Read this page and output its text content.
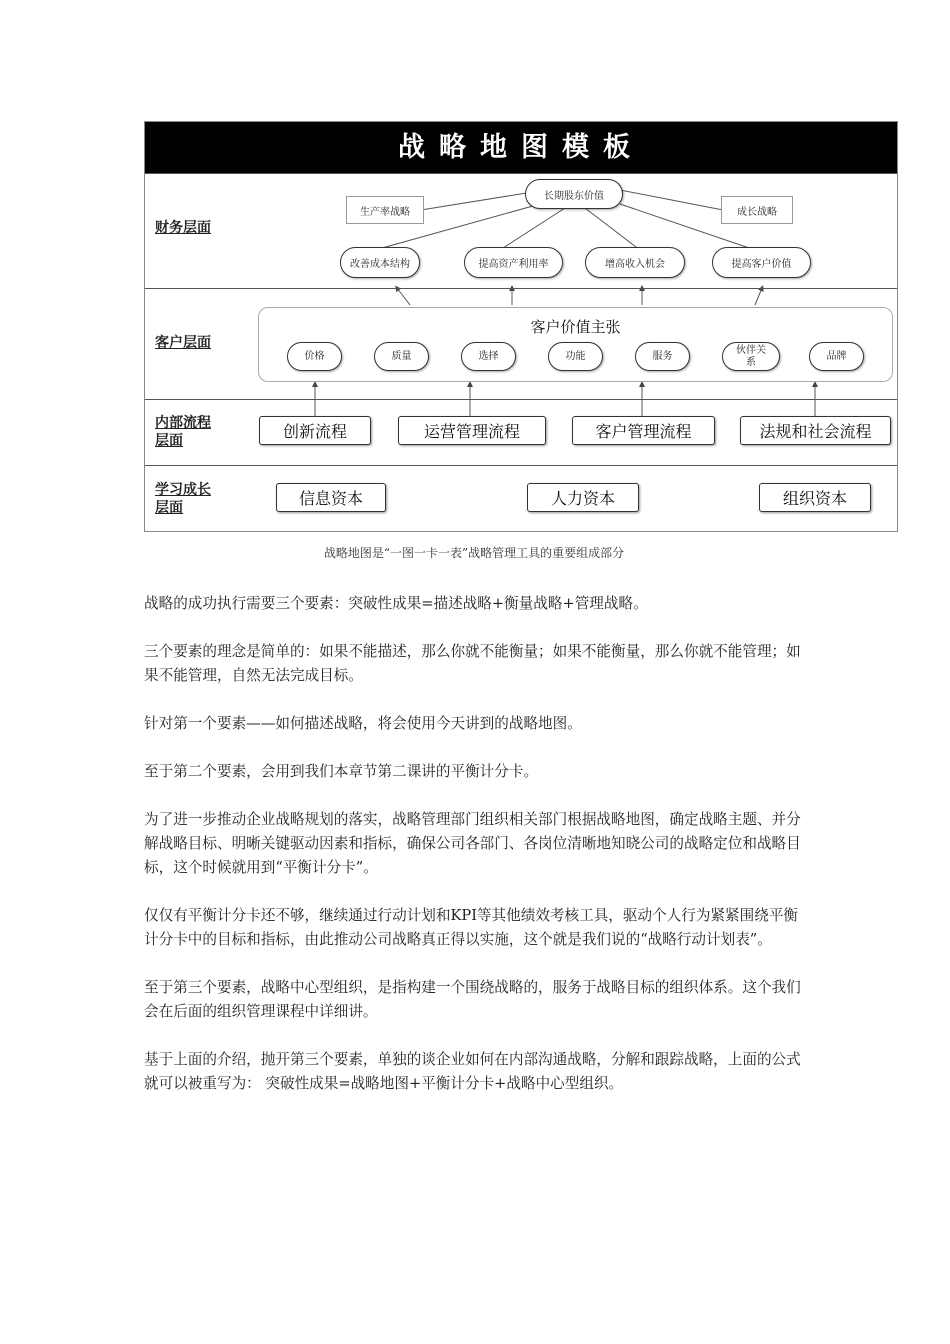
战略地图模板
财务层面
长期股东价值
生产率战略	成长战略
改善成本结构	提高资产利用率	增高收入机会	提高客户价值
客户层面
客户价值主张
价格	质量	选择	功能	服务
伙伴关系
品牌
内部流程层面	创新流程	运营管理流程	客户管理流程	法规和社会流程
学习成长层面	信息资本	人力资本	组织资本
战略地图是“一图一卡一表”战略管理工具的重要组成部分

战略的成功执行需要三个要素：突破性成果=描述战略+衡量战略+管理战略。

三个要素的理念是简单的：如果不能描述，那么你就不能衡量；如果不能衡量，那么你就不能管理；如果不能管理，自然无法完成目标。

针对第一个要素——如何描述战略，将会使用今天讲到的战略地图。

至于第二个要素，会用到我们本章节第二课讲的平衡计分卡。

为了进一步推动企业战略规划的落实，战略管理部门组织相关部门根据战略地图，确定战略主题、并分解战略目标、明晰关键驱动因素和指标，确保公司各部门、各岗位清晰地知晓公司的战略定位和战略目标，这个时候就用到“平衡计分卡”。

仅仅有平衡计分卡还不够，继续通过行动计划和KPI等其他绩效考核工具，驱动个人行为紧紧围绕平衡计分卡中的目标和指标，由此推动公司战略真正得以实施，这个就是我们说的“战略行动计划表”。

至于第三个要素，战略中心型组织，是指构建一个围绕战略的，服务于战略目标的组织体系。这个我们会在后面的组织管理课程中详细讲。

基于上面的介绍，抛开第三个要素，单独的谈企业如何在内部沟通战略，分解和跟踪战略，上面的公式就可以被重写为： 突破性成果=战略地图+平衡计分卡+战略中心型组织。
